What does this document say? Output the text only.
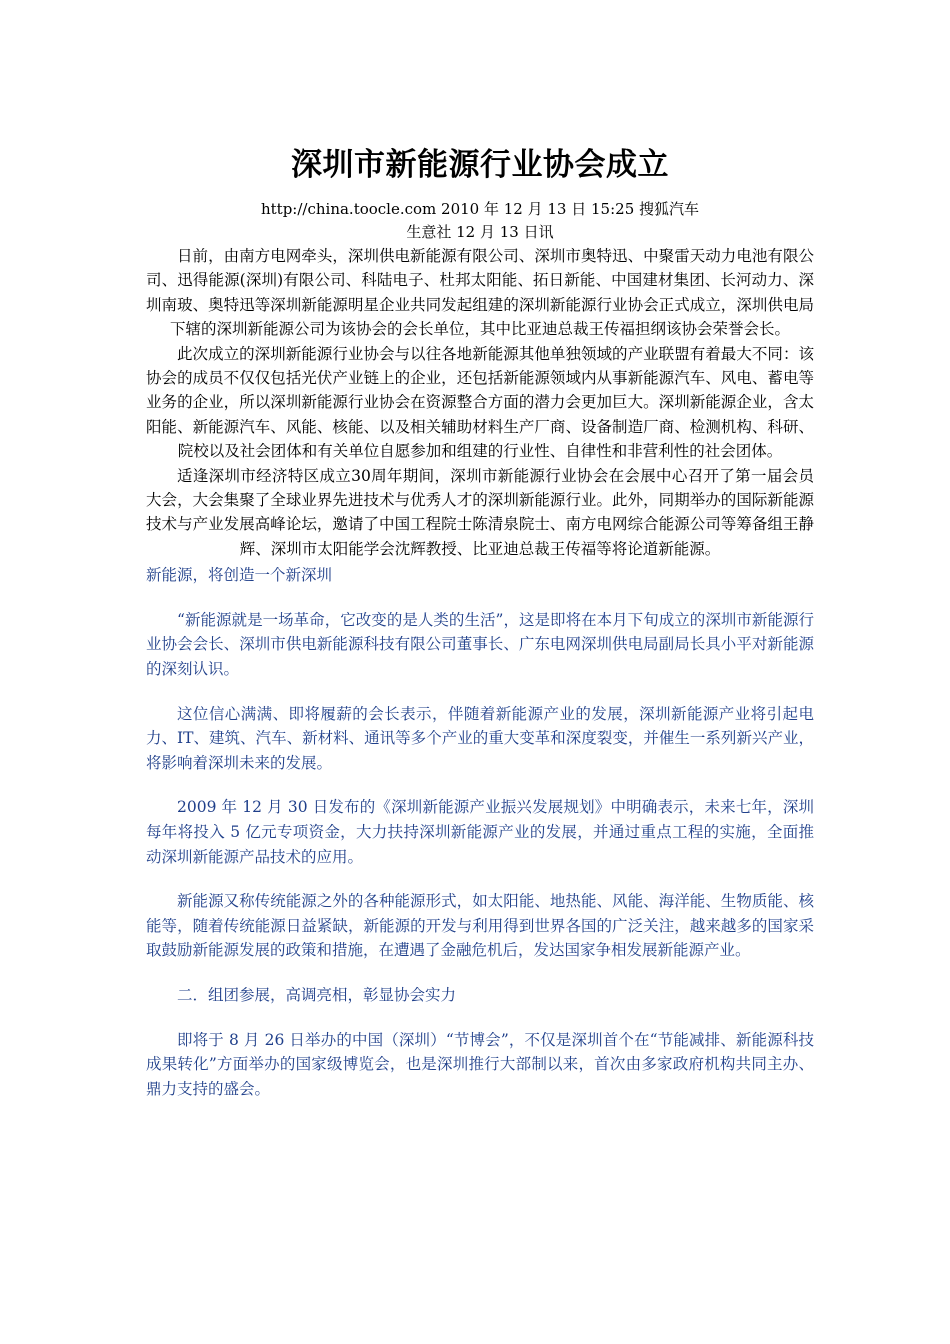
深圳市新能源行业协会成立
http://china.toocle.com 2010 年 12 月 13 日 15:25 搜狐汽车
生意社 12 月 13 日讯

日前，由南方电网牵头，深圳供电新能源有限公司、深圳市奥特迅、中聚雷天动力电池有限公司、迅得能源(深圳)有限公司、科陆电子、杜邦太阳能、拓日新能、中国建材集团、长河动力、深圳南玻、奥特迅等深圳新能源明星企业共同发起组建的深圳新能源行业协会正式成立，深圳供电局下辖的深圳新能源公司为该协会的会长单位，其中比亚迪总裁王传福担纲该协会荣誉会长。

此次成立的深圳新能源行业协会与以往各地新能源其他单独领域的产业联盟有着最大不同：该协会的成员不仅仅包括光伏产业链上的企业，还包括新能源领域内从事新能源汽车、风电、蓄电等业务的企业，所以深圳新能源行业协会在资源整合方面的潜力会更加巨大。深圳新能源企业，含太阳能、新能源汽车、风能、核能、以及相关辅助材料生产厂商、设备制造厂商、检测机构、科研、院校以及社会团体和有关单位自愿参加和组建的行业性、自律性和非营利性的社会团体。

适逢深圳市经济特区成立30周年期间，深圳市新能源行业协会在会展中心召开了第一届会员大会，大会集聚了全球业界先进技术与优秀人才的深圳新能源行业。此外，同期举办的国际新能源技术与产业发展高峰论坛，邀请了中国工程院士陈清泉院士、南方电网综合能源公司等筹备组王静辉、深圳市太阳能学会沈辉教授、比亚迪总裁王传福等将论道新能源。

新能源，将创造一个新深圳

“新能源就是一场革命，它改变的是人类的生活”，这是即将在本月下旬成立的深圳市新能源行业协会会长、深圳市供电新能源科技有限公司董事长、广东电网深圳供电局副局长具小平对新能源的深刻认识。

这位信心满满、即将履薪的会长表示，伴随着新能源产业的发展，深圳新能源产业将引起电力、IT、建筑、汽车、新材料、通讯等多个产业的重大变革和深度裂变，并催生一系列新兴产业，将影响着深圳未来的发展。

2009 年 12 月 30 日发布的《深圳新能源产业振兴发展规划》中明确表示，未来七年，深圳每年将投入 5 亿元专项资金，大力扶持深圳新能源产业的发展，并通过重点工程的实施，全面推动深圳新能源产品技术的应用。

新能源又称传统能源之外的各种能源形式，如太阳能、地热能、风能、海洋能、生物质能、核能等，随着传统能源日益紧缺，新能源的开发与利用得到世界各国的广泛关注，越来越多的国家采取鼓励新能源发展的政策和措施，在遭遇了金融危机后，发达国家争相发展新能源产业。

二．组团参展，高调亮相，彰显协会实力

即将于 8 月 26 日举办的中国（深圳）“节博会”，不仅是深圳首个在“节能减排、新能源科技成果转化”方面举办的国家级博览会，也是深圳推行大部制以来，首次由多家政府机构共同主办、鼎力支持的盛会。
